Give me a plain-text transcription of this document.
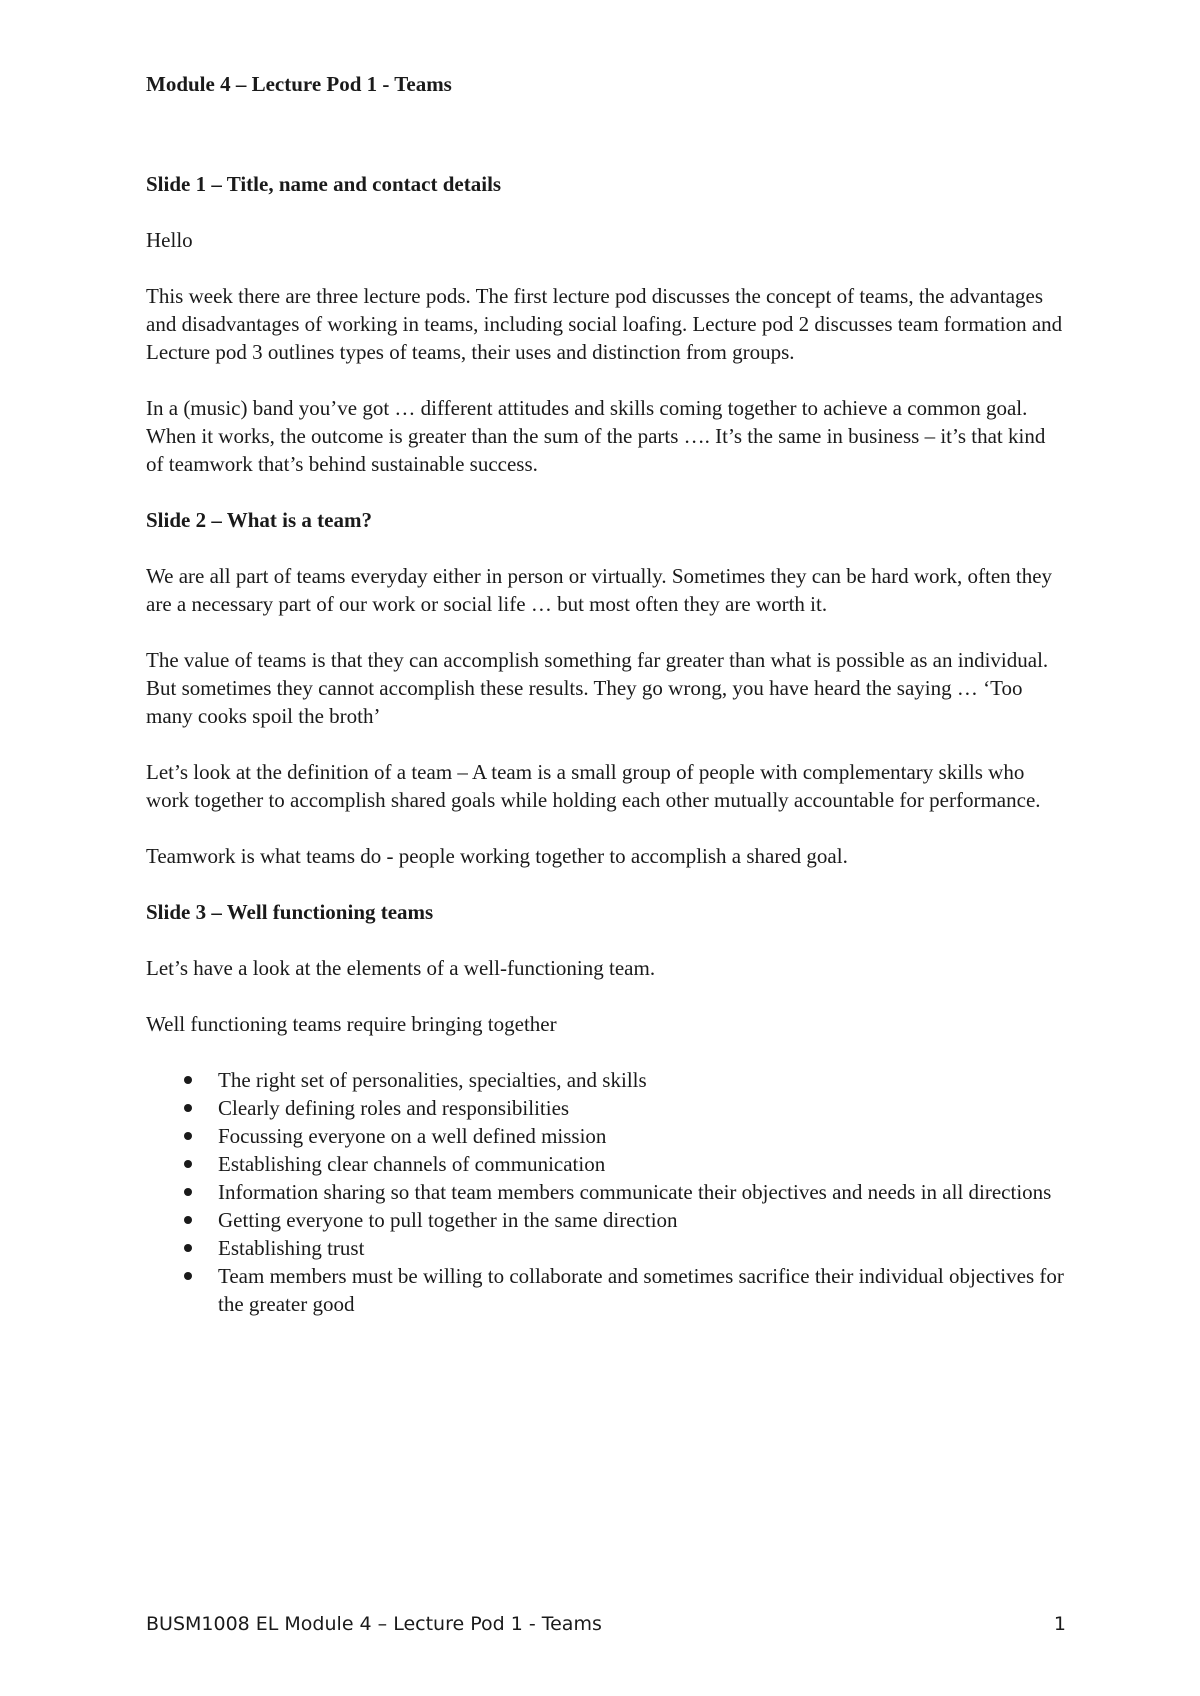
Module 4 – Lecture Pod 1 - Teams

Slide 1 – Title, name and contact details

Hello

This week there are three lecture pods. The first lecture pod discusses the concept of teams, the advantages and disadvantages of working in teams, including social loafing. Lecture pod 2 discusses team formation and Lecture pod 3 outlines types of teams, their uses and distinction from groups.

In a (music) band you’ve got … different attitudes and skills coming together to achieve a common goal. When it works, the outcome is greater than the sum of the parts …. It’s the same in business – it’s that kind of teamwork that’s behind sustainable success.

Slide 2 – What is a team?

We are all part of teams everyday either in person or virtually. Sometimes they can be hard work, often they are a necessary part of our work or social life … but most often they are worth it.

The value of teams is that they can accomplish something far greater than what is possible as an individual. But sometimes they cannot accomplish these results. They go wrong, you have heard the saying … ‘Too many cooks spoil the broth’

Let’s look at the definition of a team – A team is a small group of people with complementary skills who work together to accomplish shared goals while holding each other mutually accountable for performance.

Teamwork is what teams do - people working together to accomplish a shared goal.

Slide 3 – Well functioning teams

Let’s have a look at the elements of a well-functioning team.

Well functioning teams require bringing together

The right set of personalities, specialties, and skills
Clearly defining roles and responsibilities
Focussing everyone on a well defined mission
Establishing clear channels of communication
Information sharing so that team members communicate their objectives and needs in all directions
Getting everyone to pull together in the same direction
Establishing trust
Team members must be willing to collaborate and sometimes sacrifice their individual objectives for the greater good
BUSM1008 EL Module 4 – Lecture Pod 1 - Teams	1
